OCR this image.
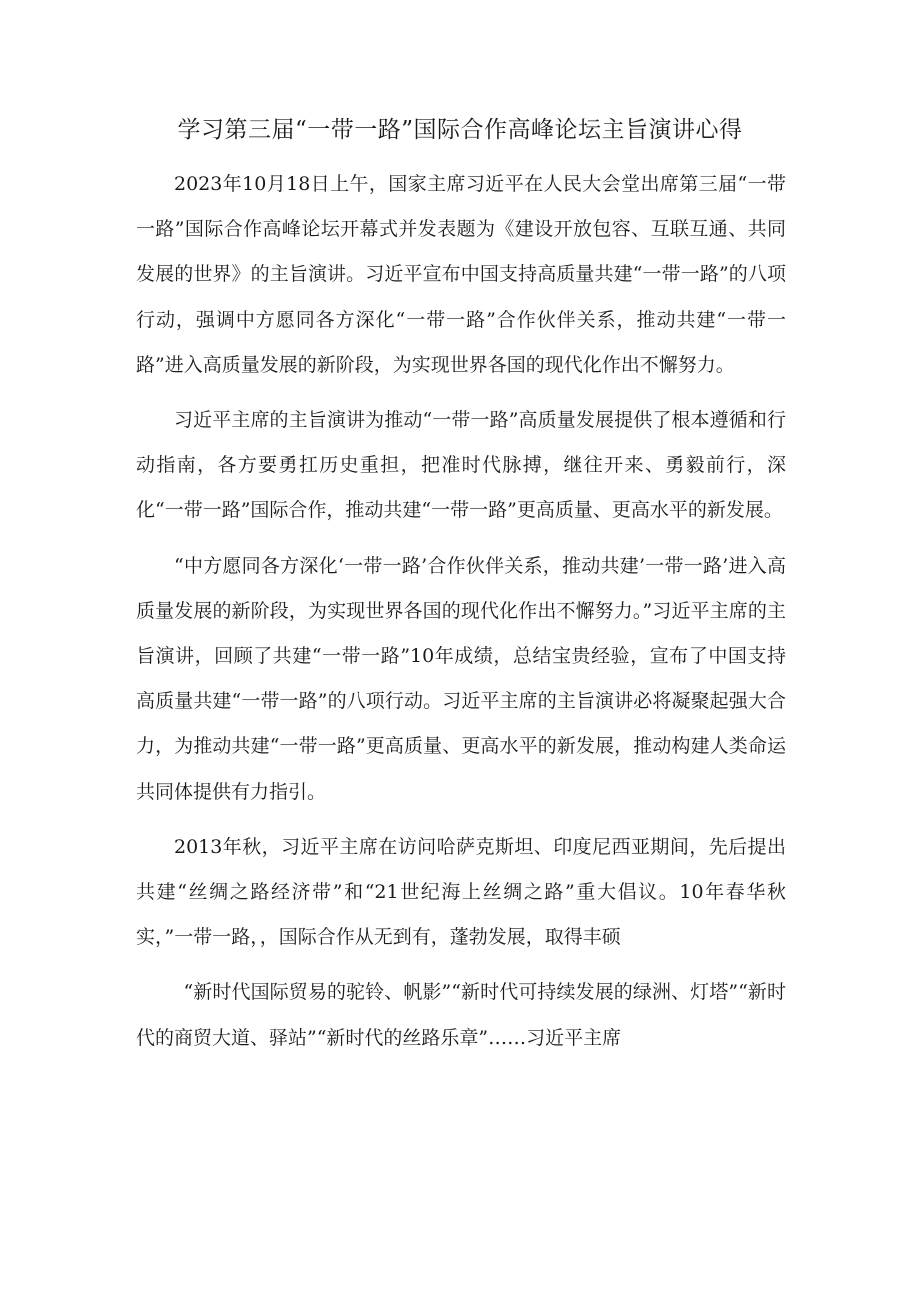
学习第三届“一带一路”国际合作高峰论坛主旨演讲心得

2023年10月18日上午，国家主席习近平在人民大会堂出席第三届“一带一路”国际合作高峰论坛开幕式并发表题为《建设开放包容、互联互通、共同发展的世界》的主旨演讲。习近平宣布中国支持高质量共建“一带一路”的八项行动，强调中方愿同各方深化“一带一路”合作伙伴关系，推动共建“一带一路”进入高质量发展的新阶段，为实现世界各国的现代化作出不懈努力。

习近平主席的主旨演讲为推动“一带一路”高质量发展提供了根本遵循和行动指南，各方要勇扛历史重担，把准时代脉搏，继往开来、勇毅前行，深化“一带一路”国际合作，推动共建“一带一路”更高质量、更高水平的新发展。

“中方愿同各方深化‘一带一路’合作伙伴关系，推动共建’一带一路’进入高质量发展的新阶段，为实现世界各国的现代化作出不懈努力。”习近平主席的主旨演讲，回顾了共建“一带一路”10年成绩，总结宝贵经验，宣布了中国支持高质量共建“一带一路”的八项行动。习近平主席的主旨演讲必将凝聚起强大合力，为推动共建“一带一路”更高质量、更高水平的新发展，推动构建人类命运共同体提供有力指引。

2013年秋，习近平主席在访问哈萨克斯坦、印度尼西亚期间，先后提出共建“丝绸之路经济带”和“21世纪海上丝绸之路”重大倡议。10年春华秋实，”一带一路，，国际合作从无到有，蓬勃发展，取得丰硕

“新时代国际贸易的驼铃、帆影”“新时代可持续发展的绿洲、灯塔”“新时代的商贸大道、驿站”“新时代的丝路乐章”……习近平主席
